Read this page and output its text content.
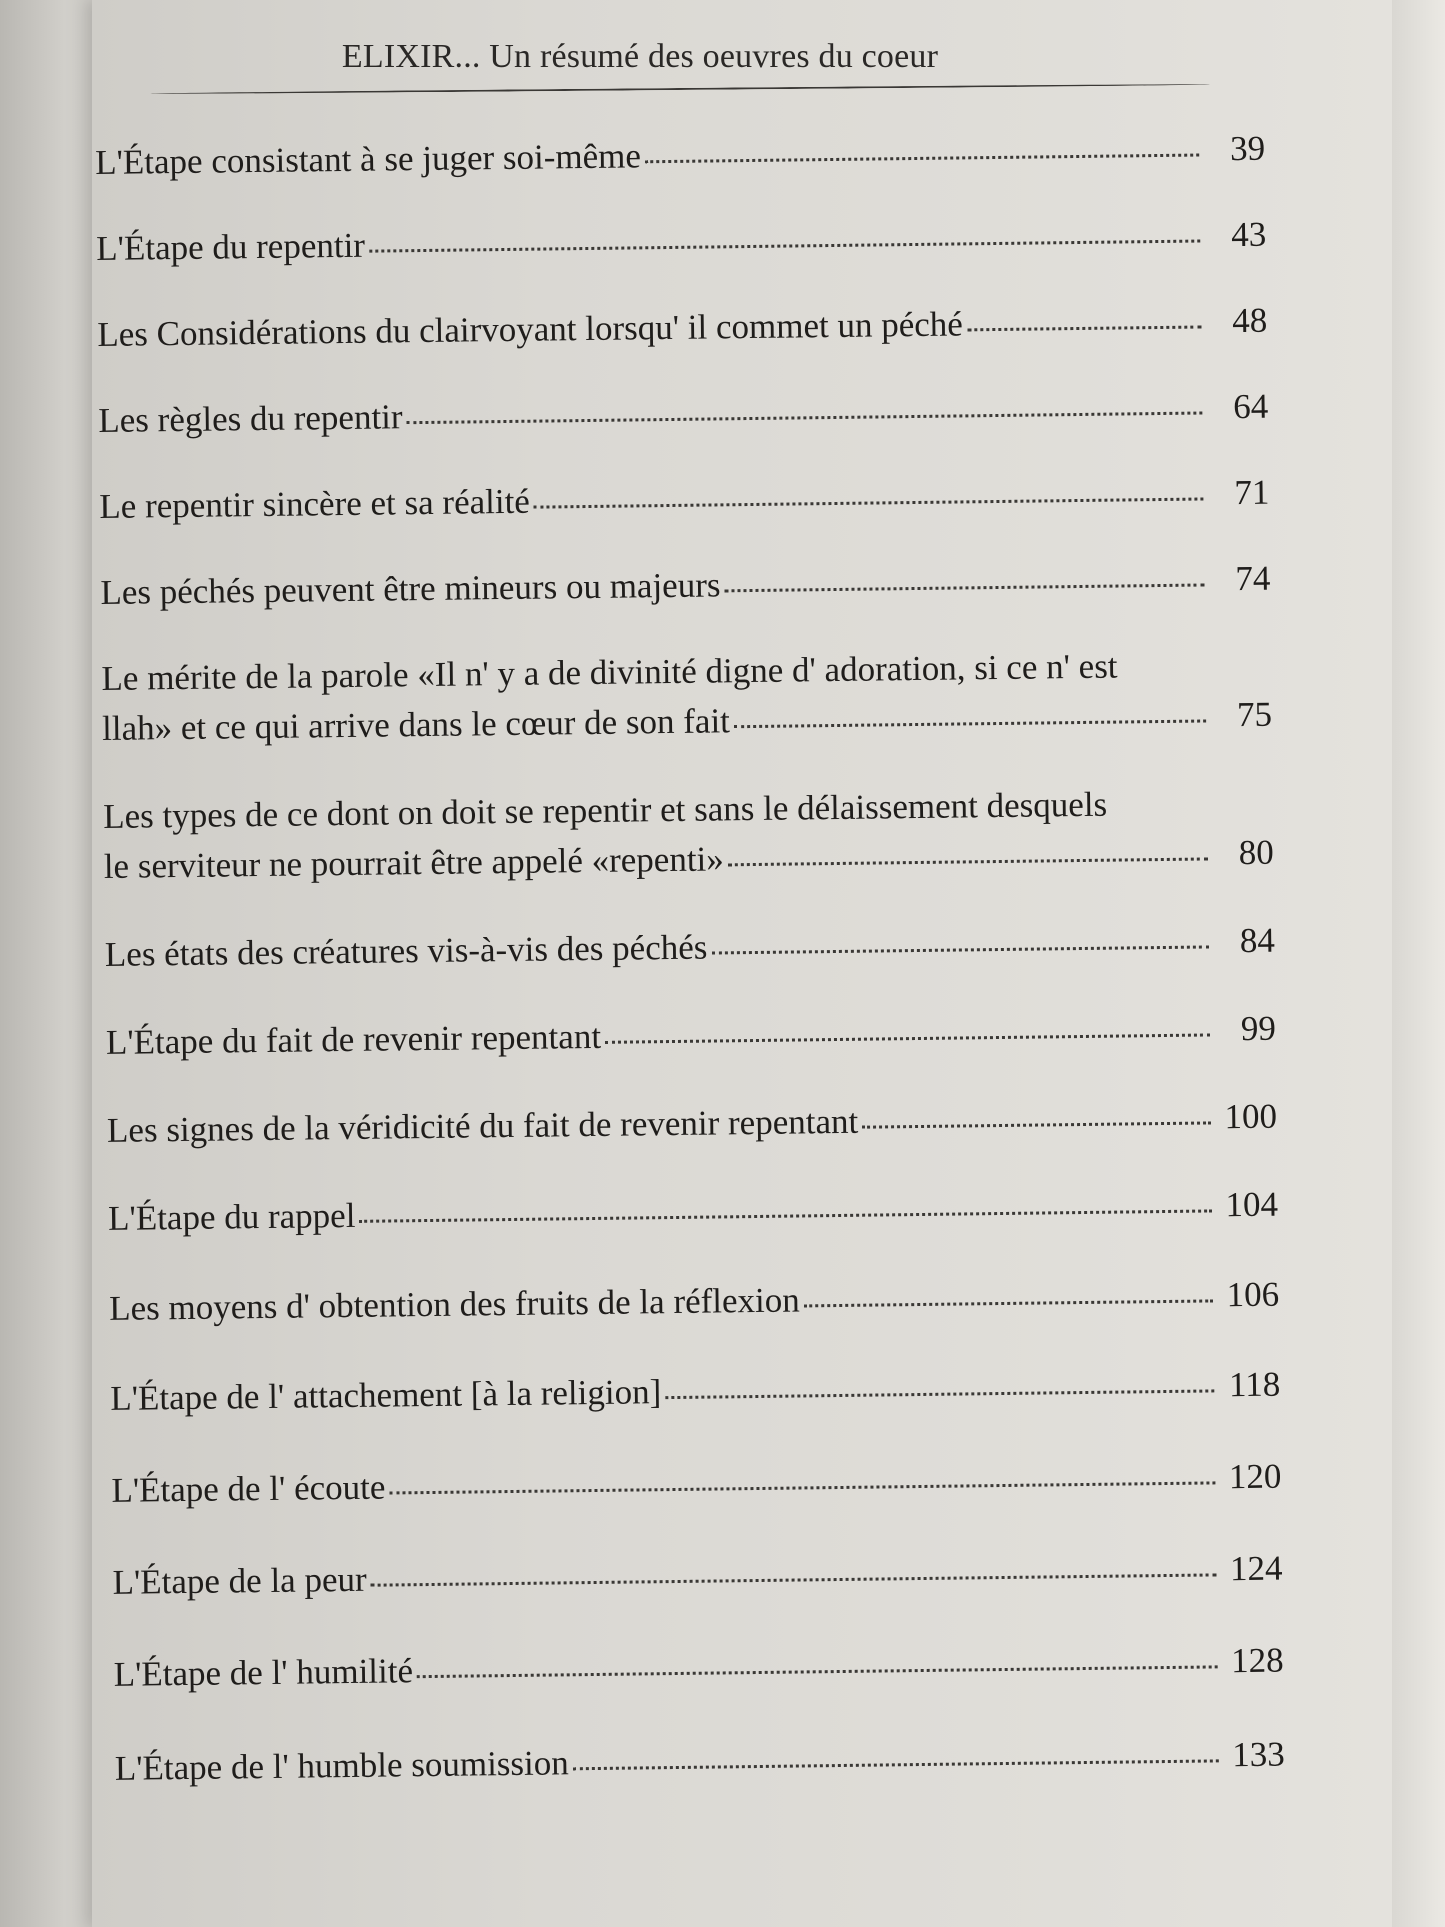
ELIXIR... Un résumé des oeuvres du coeur
L'Étape consistant à se juger soi-même	39
L'Étape du repentir	43
Les Considérations du clairvoyant lorsqu' il commet un péché	48
Les règles du repentir	64
Le repentir sincère et sa réalité	71
Les péchés peuvent être mineurs ou majeurs	74
Le mérite de la parole «Il n' y a de divinité digne d' adoration, si ce n' est
llah» et ce qui arrive dans le cœur de son fait	75
Les types de ce dont on doit se repentir et sans le délaissement desquels
le serviteur ne pourrait être appelé «repenti»	80
Les états des créatures vis-à-vis des péchés	84
L'Étape du fait de revenir repentant	99
Les signes de la véridicité du fait de revenir repentant	100
L'Étape du rappel	104
Les moyens d' obtention des fruits de la réflexion	106
L'Étape de l' attachement [à la religion]	118
L'Étape de l' écoute	120
L'Étape de la peur	124
L'Étape de l' humilité	128
L'Étape de l' humble soumission	133
